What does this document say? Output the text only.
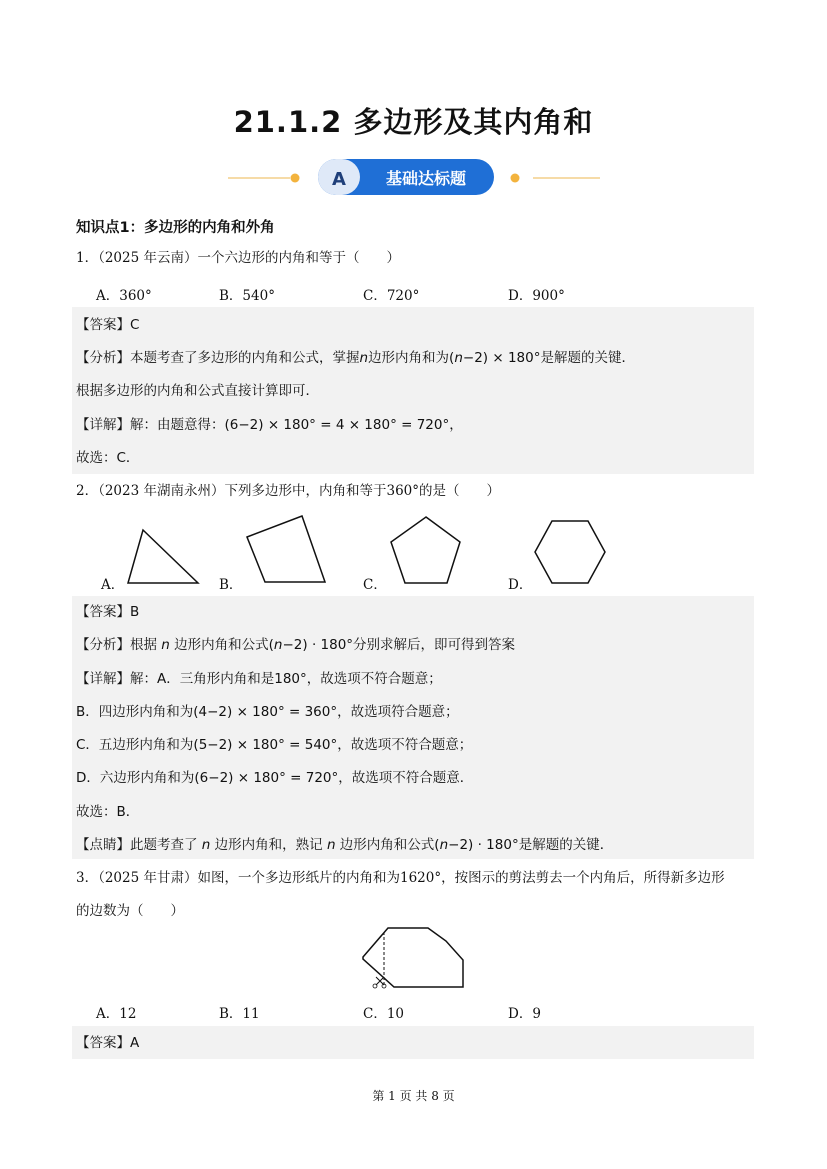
21.1.2 多边形及其内角和
A	基础达标题
知识点1：多边形的内角和外角
1．（2025 年云南）一个六边形的内角和等于（　　）
A．360°	B．540°	C．720°	D．900°
【答案】C
【分析】本题考查了多边形的内角和公式，掌握n边形内角和为(n−2) × 180°是解题的关键．
根据多边形的内角和公式直接计算即可．
【详解】解：由题意得：(6−2) × 180° = 4 × 180° = 720°，
故选：C．
2．（2023 年湖南永州）下列多边形中，内角和等于360°的是（　　）
A．	B．	C．	D．
【答案】B
【分析】根据 n 边形内角和公式(n−2) · 180°分别求解后，即可得到答案
【详解】解：A．三角形内角和是180°，故选项不符合题意；
B．四边形内角和为(4−2) × 180° = 360°，故选项符合题意；
C．五边形内角和为(5−2) × 180° = 540°，故选项不符合题意；
D．六边形内角和为(6−2) × 180° = 720°，故选项不符合题意．
故选：B．
【点睛】此题考查了 n 边形内角和，熟记 n 边形内角和公式(n−2) · 180°是解题的关键．
3．（2025 年甘肃）如图，一个多边形纸片的内角和为1620°，按图示的剪法剪去一个内角后，所得新多边形
的边数为（　　）
A．12	B．11	C．10	D．9
【答案】A
第 1 页 共 8 页
